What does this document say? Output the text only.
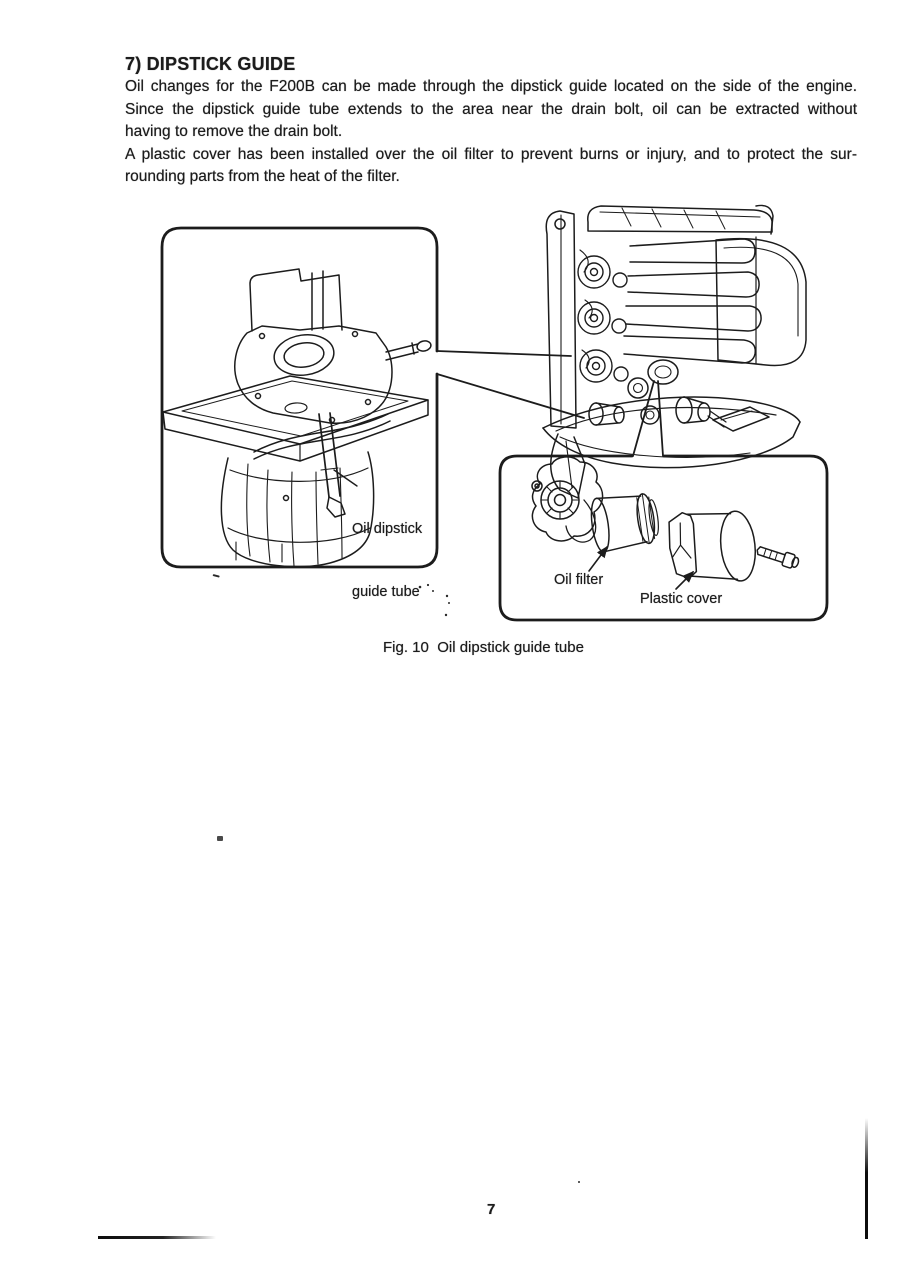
7) DIPSTICK GUIDE
Oil changes for the F200B can be made through the dipstick guide located on the side of the engine.
Since the dipstick guide tube extends to the area near the drain bolt, oil can be extracted without
having to remove the drain bolt.
A plastic cover has been installed over the oil filter to prevent burns or injury, and to protect the sur-
rounding parts from the heat of the filter.

Oil dipstick

guide tube

Oil filter
Plastic cover
Fig. 10  Oil dipstick guide tube
7
